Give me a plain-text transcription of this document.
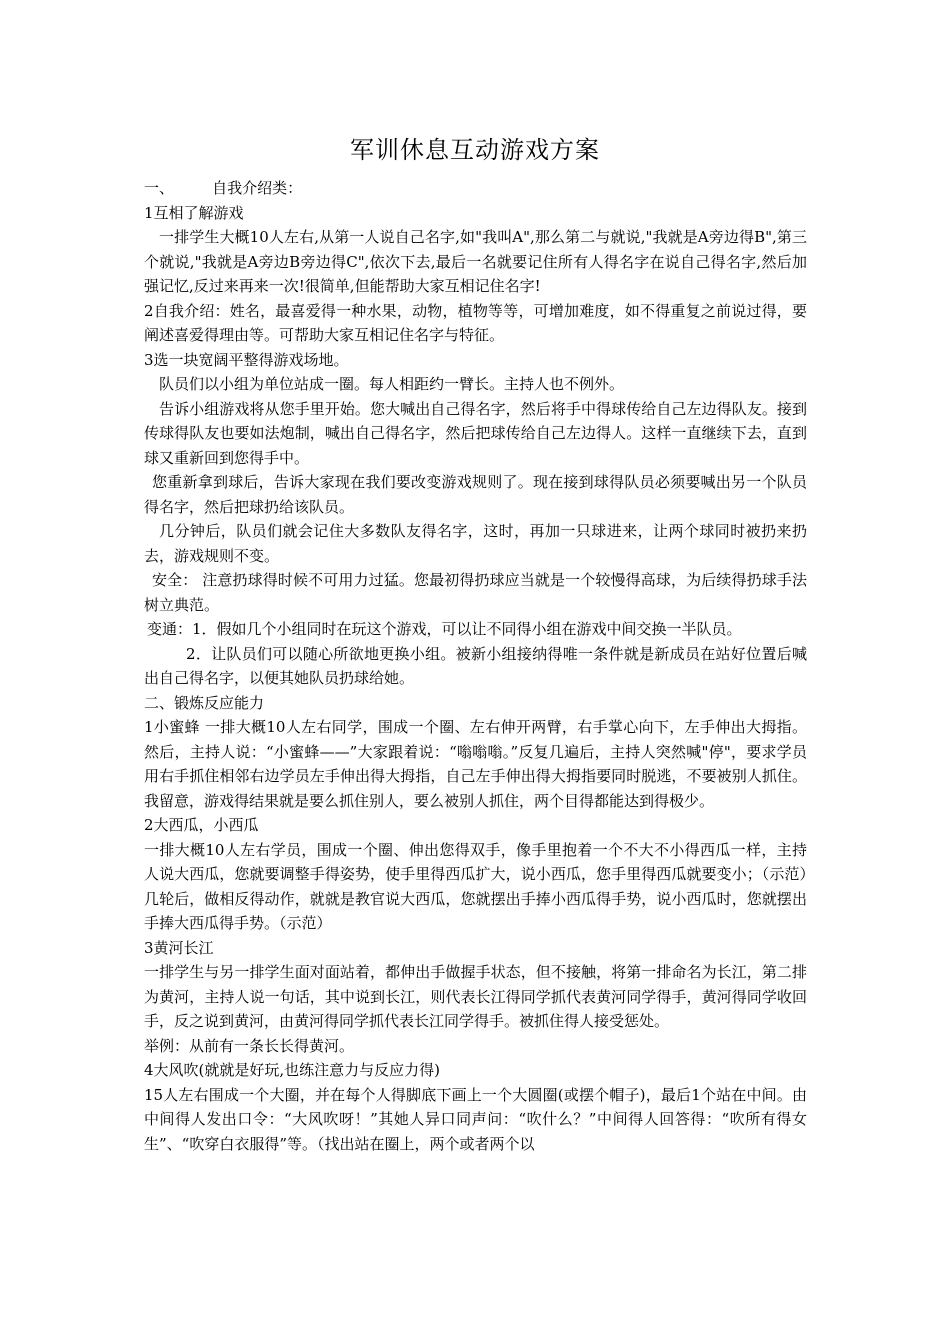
军训休息互动游戏方案

一、        自我介绍类：

1互相了解游戏

一排学生大概10人左右,从第一人说自己名字,如"我叫A",那么第二与就说,"我就是A旁边得B",第三个就说,"我就是A旁边B旁边得C",依次下去,最后一名就要记住所有人得名字在说自己得名字,然后加强记忆,反过来再来一次!很简单,但能帮助大家互相记住名字!

2自我介绍：姓名，最喜爱得一种水果，动物，植物等等，可增加难度，如不得重复之前说过得，要阐述喜爱得理由等。可帮助大家互相记住名字与特征。

3选一块宽阔平整得游戏场地。

队员们以小组为单位站成一圈。每人相距约一臂长。主持人也不例外。

告诉小组游戏将从您手里开始。您大喊出自己得名字，然后将手中得球传给自己左边得队友。接到传球得队友也要如法炮制，喊出自己得名字，然后把球传给自己左边得人。这样一直继续下去，直到球又重新回到您得手中。

您重新拿到球后，告诉大家现在我们要改变游戏规则了。现在接到球得队员必须要喊出另一个队员得名字，然后把球扔给该队员。

几分钟后，队员们就会记住大多数队友得名字，这时，再加一只球进来，让两个球同时被扔来扔去，游戏规则不变。

安全： 注意扔球得时候不可用力过猛。您最初得扔球应当就是一个较慢得高球，为后续得扔球手法树立典范。

变通：1．假如几个小组同时在玩这个游戏，可以让不同得小组在游戏中间交换一半队员。

2．让队员们可以随心所欲地更换小组。被新小组接纳得唯一条件就是新成员在站好位置后喊出自己得名字，以便其她队员扔球给她。

二、锻炼反应能力

1小蜜蜂 一排大概10人左右同学，围成一个圈、左右伸开两臂，右手掌心向下，左手伸出大拇指。然后，主持人说：“小蜜蜂——”大家跟着说：“嗡嗡嗡。”反复几遍后，主持人突然喊"停"，要求学员用右手抓住相邻右边学员左手伸出得大拇指，自己左手伸出得大拇指要同时脱逃，不要被别人抓住。我留意，游戏得结果就是要么抓住别人，要么被别人抓住，两个目得都能达到得极少。

2大西瓜，小西瓜

一排大概10人左右学员，围成一个圈、伸出您得双手，像手里抱着一个不大不小得西瓜一样，主持人说大西瓜，您就要调整手得姿势，使手里得西瓜扩大，说小西瓜，您手里得西瓜就要变小；（示范）几轮后，做相反得动作，就就是教官说大西瓜，您就摆出手捧小西瓜得手势，说小西瓜时，您就摆出手捧大西瓜得手势。（示范）

3黄河长江

一排学生与另一排学生面对面站着，都伸出手做握手状态，但不接触，将第一排命名为长江，第二排为黄河，主持人说一句话，其中说到长江，则代表长江得同学抓代表黄河同学得手，黄河得同学收回手，反之说到黄河，由黄河得同学抓代表长江同学得手。被抓住得人接受惩处。

举例：从前有一条长长得黄河。

4大风吹(就就是好玩,也练注意力与反应力得)

15人左右围成一个大圈，并在每个人得脚底下画上一个大圆圈(或摆个帽子)，最后1个站在中间。由中间得人发出口令：“大风吹呀！”其她人异口同声问：“吹什么？”中间得人回答得：“吹所有得女生”、“吹穿白衣服得”等。（找出站在圈上，两个或者两个以
